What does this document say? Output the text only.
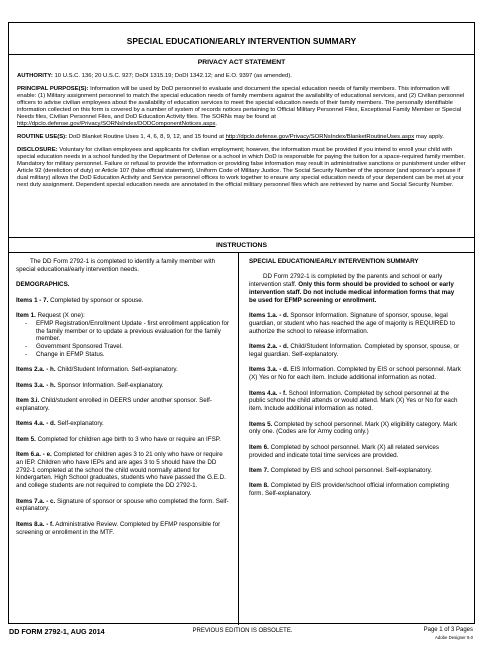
SPECIAL EDUCATION/EARLY INTERVENTION SUMMARY
PRIVACY ACT STATEMENT

AUTHORITY: 10 U.S.C. 136; 20 U.S.C. 927; DoDI 1315.19; DoDI 1342.12; and E.O. 9397 (as amended).

PRINCIPAL PURPOSE(S): Information will be used by DoD personnel to evaluate and document the special education needs of family members. This information will enable: (1) Military assignment personnel to match the special education needs of family members against the availability of educational services, and (2) Civilian personnel officers to advise civilian employees about the availability of education services to meet the special education needs of their family members. The personally identifiable information collected on this form is covered by a number of system of records notices pertaining to Official Military Personnel Files, Exceptional Family Member or Special Needs files, Civilian Personnel Files, and DoD Education Activity files. The SORNs may be found at http://dpclo.defense.gov/Privacy/SORNsIndex/DODComponentNotices.aspx.

ROUTINE USE(S): DoD Blanket Routine Uses 1, 4, 6, 8, 9, 12, and 15 found at http://dpclo.defense.gov/Privacy/SORNsIndex/BlanketRoutineUses.aspx may apply.

DISCLOSURE: Voluntary for civilian employees and applicants for civilian employment; however, the information must be provided if you intend to enroll your child with special education needs in a school funded by the Department of Defense or a school in which DoD is responsible for paying the tuition for a space-required family member. Mandatory for military personnel. Failure or refusal to provide the information or providing false information may result in administrative sanctions or punishment under either Article 92 (dereliction of duty) or Article 107 (false official statement), Uniform Code of Military Justice. The Social Security Number of the sponsor (and sponsor's spouse if dual military) allows the DoD Education Activity and Service personnel offices to work together to ensure any special education needs of your dependent can be met at your next duty assignment. Dependent special education needs are annotated in the official military personnel files which are retrieved by name and Social Security Number.

INSTRUCTIONS

The DD Form 2792-1 is completed to identify a family member with special educational/early intervention needs.

DEMOGRAPHICS.

Items 1 - 7. Completed by sponsor or spouse.

Item 1. Request (X one):

- EFMP Registration/Enrollment Update - first enrollment application for the family member or to update a previous evaluation for the family member.
- Government Sponsored Travel.
- Change in EFMP Status.

Items 2.a. - h. Child/Student Information. Self-explanatory.

Items 3.a. - h. Sponsor Information. Self-explanatory.

Item 3.i. Child/student enrolled in DEERS under another sponsor. Self-explanatory.

Items 4.a. - d. Self-explanatory.

Item 5. Completed for children age birth to 3 who have or require an IFSP.

Item 6.a. - e. Completed for children ages 3 to 21 only who have or require an IEP. Children who have IEPs and are ages 3 to 5 should have the DD 2792-1 completed at the school the child would normally attend for kindergarten. High School graduates, students who have passed the G.E.D. and college students are not required to complete the DD 2792-1.

Items 7.a. - c. Signature of sponsor or spouse who completed the form. Self-explanatory.

Items 8.a. - f. Administrative Review. Completed by EFMP responsible for screening or enrollment in the MTF.

SPECIAL EDUCATION/EARLY INTERVENTION SUMMARY

DD Form 2792-1 is completed by the parents and school or early intervention staff. Only this form should be provided to school or early intervention staff. Do not include medical information forms that may be used for EFMP screening or enrollment.

Items 1.a. - d. Sponsor Information. Signature of sponsor, spouse, legal guardian, or student who has reached the age of majority is REQUIRED to authorize the school to release information.

Items 2.a. - d. Child/Student Information. Completed by sponsor, spouse, or legal guardian. Self-explanatory.

Items 3.a. - d. EIS Information. Completed by EIS or school personnel. Mark (X) Yes or No for each item. Include additional information as noted.

Items 4.a. - f. School Information. Completed by school personnel at the public school the child attends or would attend. Mark (X) Yes or No for each item. Include additional information as noted.

Items 5. Completed by school personnel. Mark (X) eligibility category. Mark only one. (Codes are for Army coding only.)

Item 6. Completed by school personnel. Mark (X) all related services provided and indicate total time services are provided.

Item 7. Completed by EIS and school personnel. Self-explanatory.

Item 8. Completed by EIS provider/school official information completing form. Self-explanatory.

DD FORM 2792-1, AUG 2014	PREVIOUS EDITION IS OBSOLETE.	Page 1 of 3 Pages
Adobe Designer 9.0
